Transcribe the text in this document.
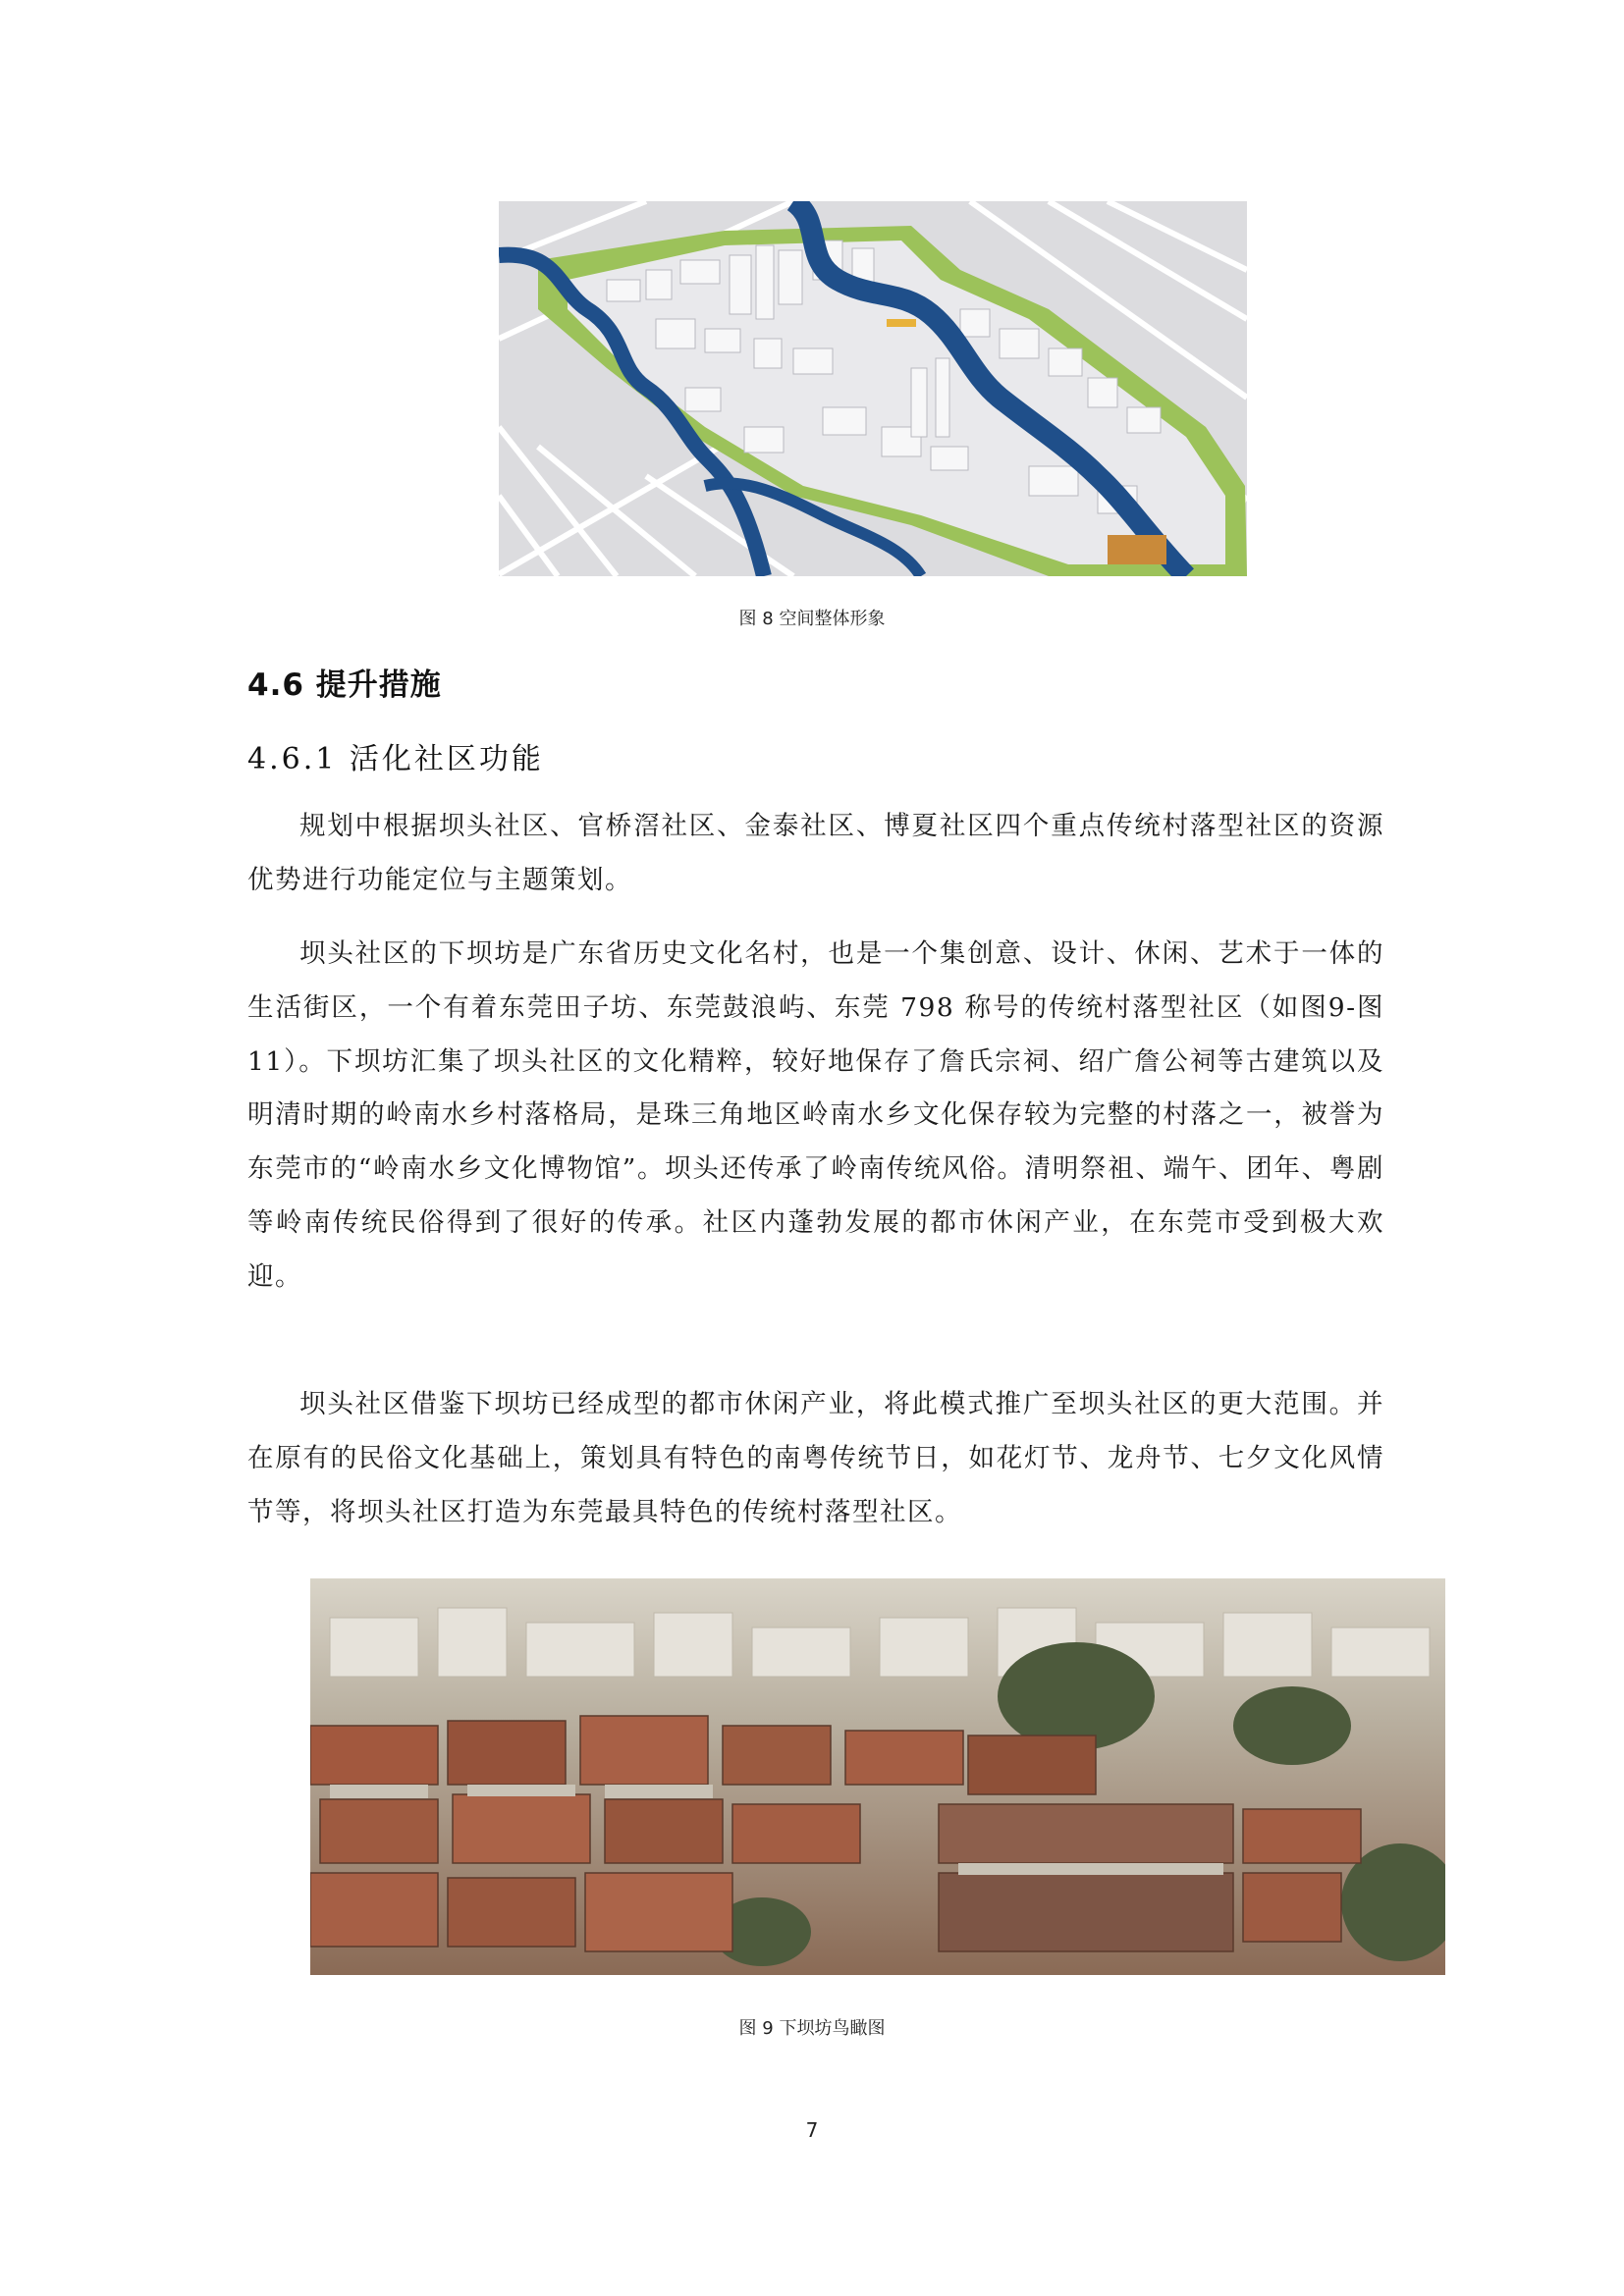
图 8 空间整体形象
4.6 提升措施
4.6.1 活化社区功能
规划中根据坝头社区、官桥滘社区、金泰社区、博夏社区四个重点传统村落型社区的资源优势进行功能定位与主题策划。
坝头社区的下坝坊是广东省历史文化名村，也是一个集创意、设计、休闲、艺术于一体的生活街区，一个有着东莞田子坊、东莞鼓浪屿、东莞 798 称号的传统村落型社区（如图9-图 11）。下坝坊汇集了坝头社区的文化精粹，较好地保存了詹氏宗祠、绍广詹公祠等古建筑以及明清时期的岭南水乡村落格局，是珠三角地区岭南水乡文化保存较为完整的村落之一，被誉为东莞市的“岭南水乡文化博物馆”。坝头还传承了岭南传统风俗。清明祭祖、端午、团年、粤剧等岭南传统民俗得到了很好的传承。社区内蓬勃发展的都市休闲产业，在东莞市受到极大欢迎。
坝头社区借鉴下坝坊已经成型的都市休闲产业，将此模式推广至坝头社区的更大范围。并在原有的民俗文化基础上，策划具有特色的南粤传统节日，如花灯节、龙舟节、七夕文化风情节等，将坝头社区打造为东莞最具特色的传统村落型社区。
图 9 下坝坊鸟瞰图
7
